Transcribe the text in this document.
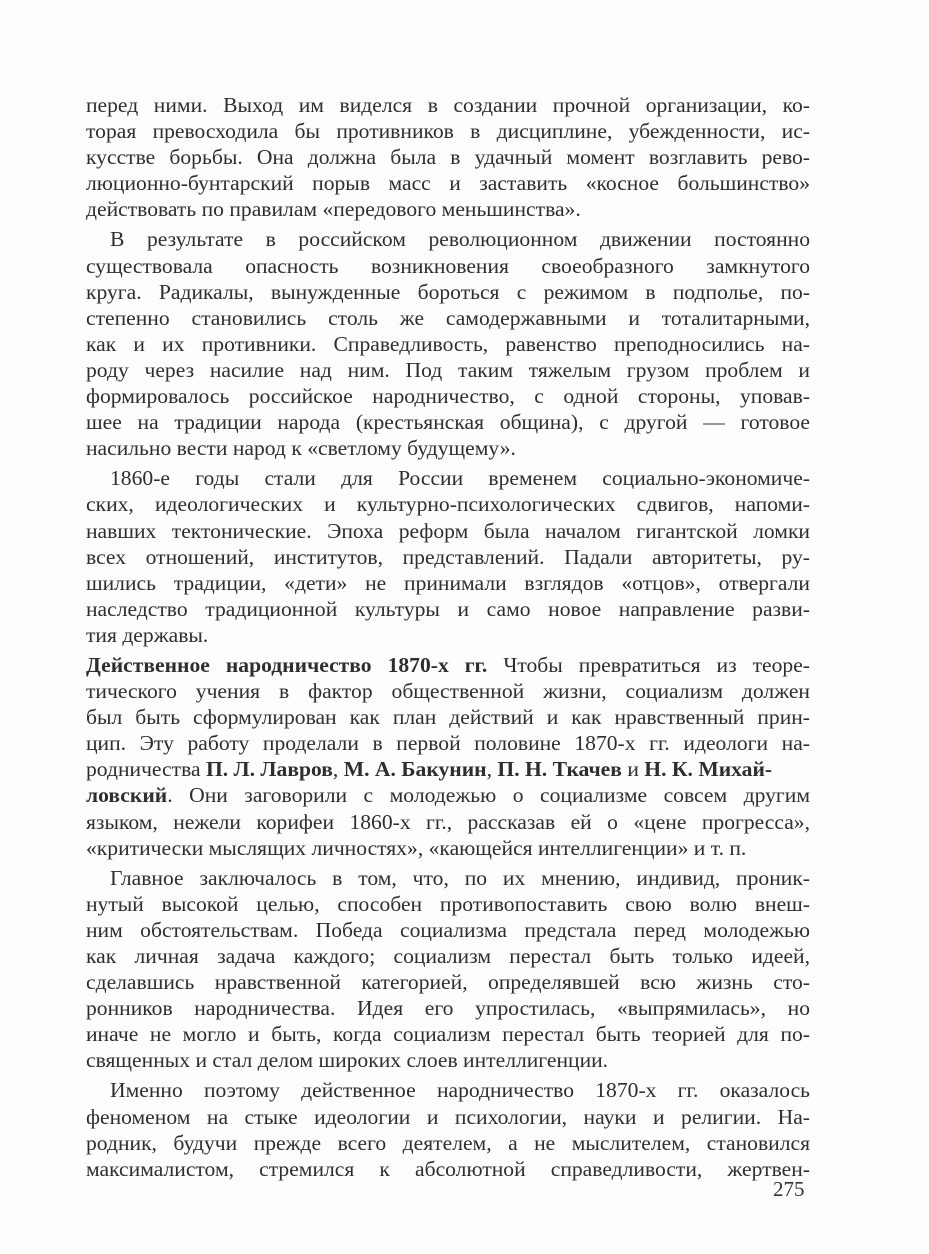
перед ними. Выход им виделся в создании прочной организации, ко-
торая превосходила бы противников в дисциплине, убежденности, ис-
кусстве борьбы. Она должна была в удачный момент возглавить рево-
люционно-бунтарский порыв масс и заставить «косное большинство»
действовать по правилам «передового меньшинства».
В результате в российском революционном движении постоянно
существовала опасность возникновения своеобразного замкнутого
круга. Радикалы, вынужденные бороться с режимом в подполье, по-
степенно становились столь же самодержавными и тоталитарными,
как и их противники. Справедливость, равенство преподносились на-
роду через насилие над ним. Под таким тяжелым грузом проблем и
формировалось российское народничество, с одной стороны, уповав-
шее на традиции народа (крестьянская община), с другой — готовое
насильно вести народ к «светлому будущему».
1860-е годы стали для России временем социально-экономиче-
ских, идеологических и культурно-психологических сдвигов, напоми-
навших тектонические. Эпоха реформ была началом гигантской ломки
всех отношений, институтов, представлений. Падали авторитеты, ру-
шились традиции, «дети» не принимали взглядов «отцов», отвергали
наследство традиционной культуры и само новое направление разви-
тия державы.
Действенное народничество 1870-х гг. Чтобы превратиться из теоре-
тического учения в фактор общественной жизни, социализм должен
был быть сформулирован как план действий и как нравственный прин-
цип. Эту работу проделали в первой половине 1870-х гг. идеологи на-
родничества П. Л. Лавров, М. А. Бакунин, П. Н. Ткачев и Н. К. Михай-
ловский. Они заговорили с молодежью о социализме совсем другим
языком, нежели корифеи 1860-х гг., рассказав ей о «цене прогресса»,
«критически мыслящих личностях», «кающейся интеллигенции» и т. п.
Главное заключалось в том, что, по их мнению, индивид, проник-
нутый высокой целью, способен противопоставить свою волю внеш-
ним обстоятельствам. Победа социализма предстала перед молодежью
как личная задача каждого; социализм перестал быть только идеей,
сделавшись нравственной категорией, определявшей всю жизнь сто-
ронников народничества. Идея его упростилась, «выпрямилась», но
иначе не могло и быть, когда социализм перестал быть теорией для по-
священных и стал делом широких слоев интеллигенции.
Именно поэтому действенное народничество 1870-х гг. оказалось
феноменом на стыке идеологии и психологии, науки и религии. На-
родник, будучи прежде всего деятелем, а не мыслителем, становился
максималистом, стремился к абсолютной справедливости, жертвен-
275
